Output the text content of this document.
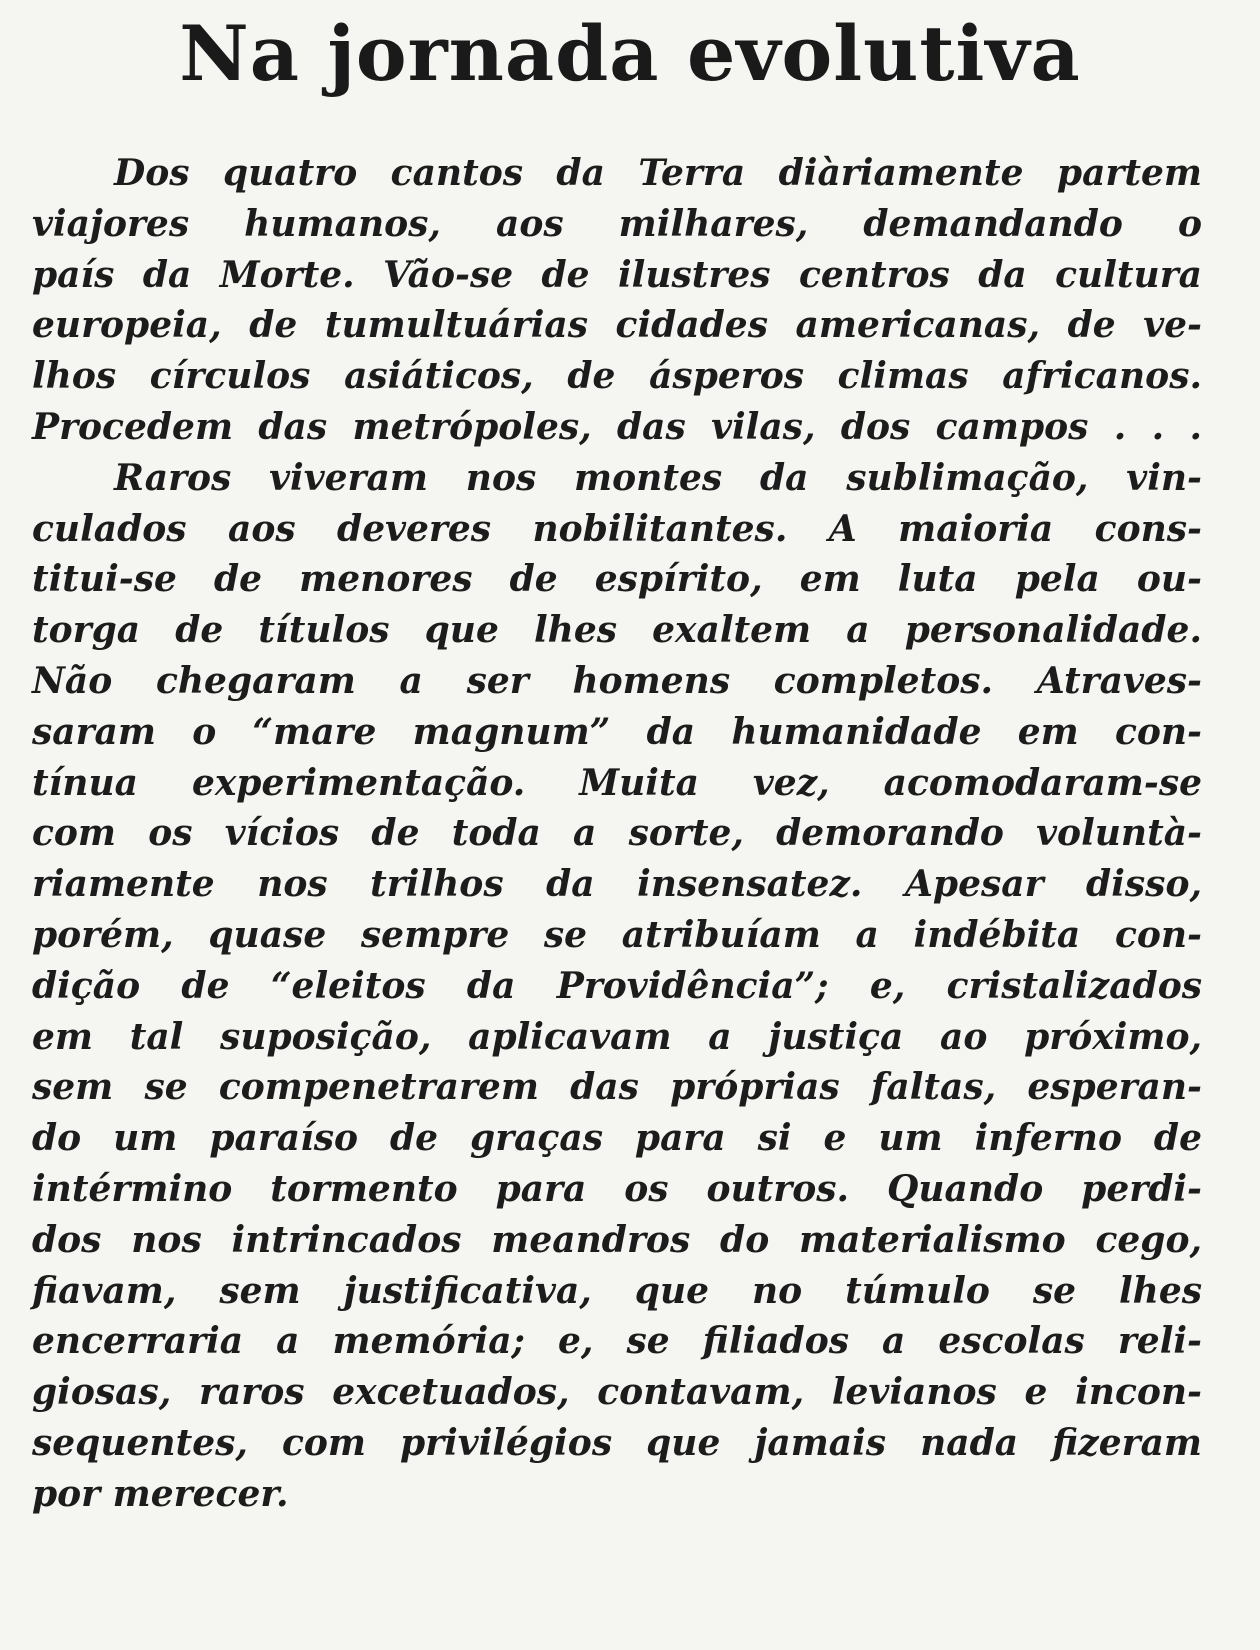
Na jornada evolutiva
Dos quatro cantos da Terra diàriamente partem
viajores humanos, aos milhares, demandando o
país da Morte. Vão-se de ilustres centros da cultura
europeia, de tumultuárias cidades americanas, de ve-
lhos círculos asiáticos, de ásperos climas africanos.
Procedem das metrópoles, das vilas, dos campos . . .
Raros viveram nos montes da sublimação, vin-
culados aos deveres nobilitantes. A maioria cons-
titui-se de menores de espírito, em luta pela ou-
torga de títulos que lhes exaltem a personalidade.
Não chegaram a ser homens completos. Atraves-
saram o “mare magnum” da humanidade em con-
tínua experimentação. Muita vez, acomodaram-se
com os vícios de toda a sorte, demorando voluntà-
riamente nos trilhos da insensatez. Apesar disso,
porém, quase sempre se atribuíam a indébita con-
dição de “eleitos da Providência”; e, cristalizados
em tal suposição, aplicavam a justiça ao próximo,
sem se compenetrarem das próprias faltas, esperan-
do um paraíso de graças para si e um inferno de
intérmino tormento para os outros. Quando perdi-
dos nos intrincados meandros do materialismo cego,
fiavam, sem justificativa, que no túmulo se lhes
encerraria a memória; e, se filiados a escolas reli-
giosas, raros excetuados, contavam, levianos e incon-
sequentes, com privilégios que jamais nada fizeram
por merecer.
